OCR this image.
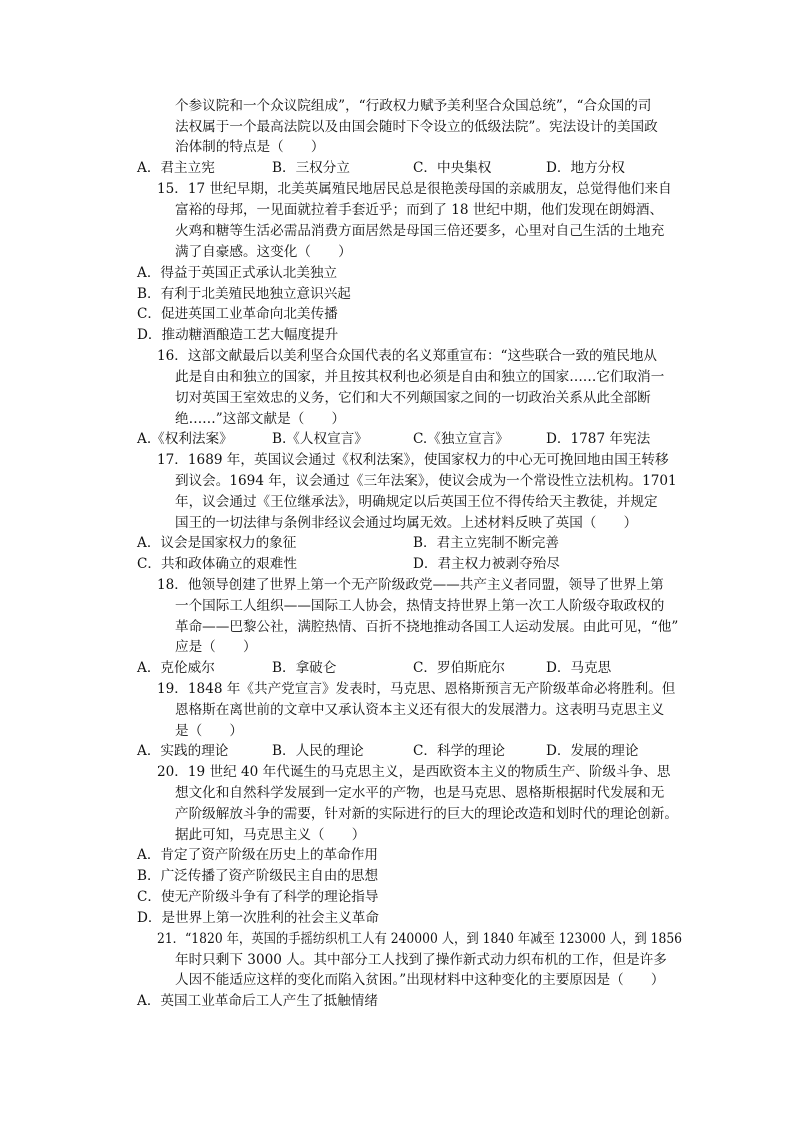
个参议院和一个众议院组成”，“行政权力赋予美利坚合众国总统”，“合众国的司
法权属于一个最高法院以及由国会随时下令设立的低级法院”。宪法设计的美国政
治体制的特点是（　　）
A．君主立宪	B．三权分立	C．中央集权	D．地方分权
15．17 世纪早期，北美英属殖民地居民总是很艳羡母国的亲戚朋友，总觉得他们来自
富裕的母邦，一见面就拉着手套近乎；而到了 18 世纪中期，他们发现在朗姆酒、
火鸡和糖等生活必需品消费方面居然是母国三倍还要多，心里对自己生活的土地充
满了自豪感。这变化（　　）
A．得益于英国正式承认北美独立
B．有利于北美殖民地独立意识兴起
C．促进英国工业革命向北美传播
D．推动糖酒酿造工艺大幅度提升
16．这部文献最后以美利坚合众国代表的名义郑重宣布：“这些联合一致的殖民地从
此是自由和独立的国家，并且按其权利也必须是自由和独立的国家……它们取消一
切对英国王室效忠的义务，它们和大不列颠国家之间的一切政治关系从此全部断
绝……”这部文献是（　　）
A.《权利法案》	B.《人权宣言》	C.《独立宣言》	D．1787 年宪法
17．1689 年，英国议会通过《权利法案》，使国家权力的中心无可挽回地由国王转移
到议会。1694 年，议会通过《三年法案》，使议会成为一个常设性立法机构。1701
年，议会通过《王位继承法》，明确规定以后英国王位不得传给天主教徒，并规定
国王的一切法律与条例非经议会通过均属无效。上述材料反映了英国（　　）
A．议会是国家权力的象征	B．君主立宪制不断完善
C．共和政体确立的艰难性	D．君主权力被剥夺殆尽
18．他领导创建了世界上第一个无产阶级政党——共产主义者同盟，领导了世界上第
一个国际工人组织——国际工人协会，热情支持世界上第一次工人阶级夺取政权的
革命——巴黎公社，满腔热情、百折不挠地推动各国工人运动发展。由此可见，“他”
应是（　　）
A．克伦威尔	B．拿破仑	C．罗伯斯庇尔	D．马克思
19．1848 年《共产党宣言》发表时，马克思、恩格斯预言无产阶级革命必将胜利。但
恩格斯在离世前的文章中又承认资本主义还有很大的发展潜力。这表明马克思主义
是（　　）
A．实践的理论	B．人民的理论	C．科学的理论	D．发展的理论
20．19 世纪 40 年代诞生的马克思主义，是西欧资本主义的物质生产、阶级斗争、思
想文化和自然科学发展到一定水平的产物，也是马克思、恩格斯根据时代发展和无
产阶级解放斗争的需要，针对新的实际进行的巨大的理论改造和划时代的理论创新。
据此可知，马克思主义（　　）
A．肯定了资产阶级在历史上的革命作用
B．广泛传播了资产阶级民主自由的思想
C．使无产阶级斗争有了科学的理论指导
D．是世界上第一次胜利的社会主义革命
21．“1820 年，英国的手摇纺织机工人有 240000 人，到 1840 年减至 123000 人，到 1856
年时只剩下 3000 人。其中部分工人找到了操作新式动力织布机的工作，但是许多
人因不能适应这样的变化而陷入贫困。”出现材料中这种变化的主要原因是（　　）
A．英国工业革命后工人产生了抵触情绪
